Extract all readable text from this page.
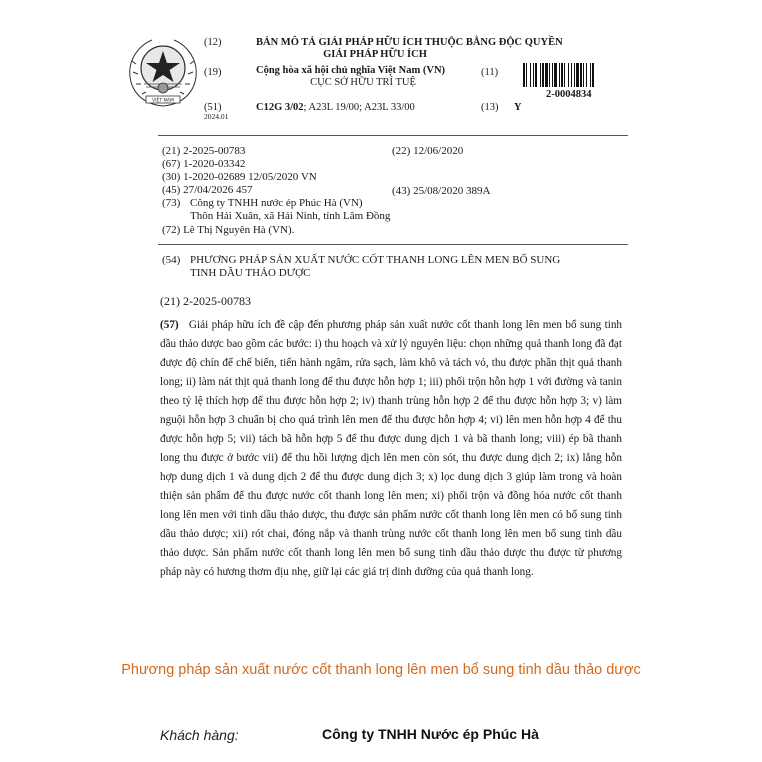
VIỆT NAM
(12)	BẢN MÔ TẢ GIẢI PHÁP HỮU ÍCH THUỘC BẰNG ĐỘC QUYỀN
GIẢI PHÁP HỮU ÍCH
(19)	Cộng hòa xã hội chủ nghĩa Việt Nam (VN)
CỤC SỞ HỮU TRÍ TUỆ
(11)
2-0004834
(51)
2024.01
C12G 3/02; A23L 19/00; A23L 33/00	(13) Y
(21) 2-2025-00783	(22) 12/06/2020
(67) 1-2020-03342
(30) 1-2020-02689 12/05/2020 VN
(45) 27/04/2026 457	(43) 25/08/2020 389A
(73) Công ty TNHH nước ép Phúc Hà (VN)
Thôn Hải Xuân, xã Hải Ninh, tỉnh Lâm Đồng
(72) Lê Thị Nguyên Hà (VN).
(54) PHƯƠNG PHÁP SẢN XUẤT NƯỚC CỐT THANH LONG LÊN MEN BỔ SUNG
TINH DẦU THẢO DƯỢC
(21) 2-2025-00783
(57) Giải pháp hữu ích đề cập đến phương pháp sản xuất nước cốt thanh long lên men bổ sung tinh dầu thảo dược bao gồm các bước: i) thu hoạch và xử lý nguyên liệu: chọn những quả thanh long đã đạt được độ chín để chế biến, tiến hành ngâm, rửa sạch, làm khô và tách vỏ, thu được phần thịt quả thanh long; ii) làm nát thịt quả thanh long để thu được hỗn hợp 1; iii) phối trộn hỗn hợp 1 với đường và tanin theo tỷ lệ thích hợp để thu được hỗn hợp 2; iv) thanh trùng hỗn hợp 2 để thu được hỗn hợp 3; v) làm nguội hỗn hợp 3 chuẩn bị cho quá trình lên men để thu được hỗn hợp 4; vi) lên men hỗn hợp 4 để thu được hỗn hợp 5; vii) tách bã hỗn hợp 5 để thu được dung dịch 1 và bã thanh long; viii) ép bã thanh long thu được ở bước vii) để thu hồi lượng dịch lên men còn sót, thu được dung dịch 2; ix) lắng hỗn hợp dung dịch 1 và dung dịch 2 để thu được dung dịch 3; x) lọc dung dịch 3 giúp làm trong và hoàn thiện sản phẩm để thu được nước cốt thanh long lên men; xi) phối trộn và đồng hóa nước cốt thanh long lên men với tinh dầu thảo dược, thu được sản phẩm nước cốt thanh long lên men có bổ sung tinh dầu thảo dược; xii) rót chai, đóng nắp và thanh trùng nước cốt thanh long lên men bổ sung tinh dầu thảo dược. Sản phẩm nước cốt thanh long lên men bổ sung tinh dầu thảo dược thu được từ phương pháp này có hương thơm dịu nhẹ, giữ lại các giá trị dinh dưỡng của quả thanh long.
Phương pháp sản xuất nước cốt thanh long lên men bổ sung tinh dầu thảo dược
Khách hàng:	Công ty TNHH Nước ép Phúc Hà
